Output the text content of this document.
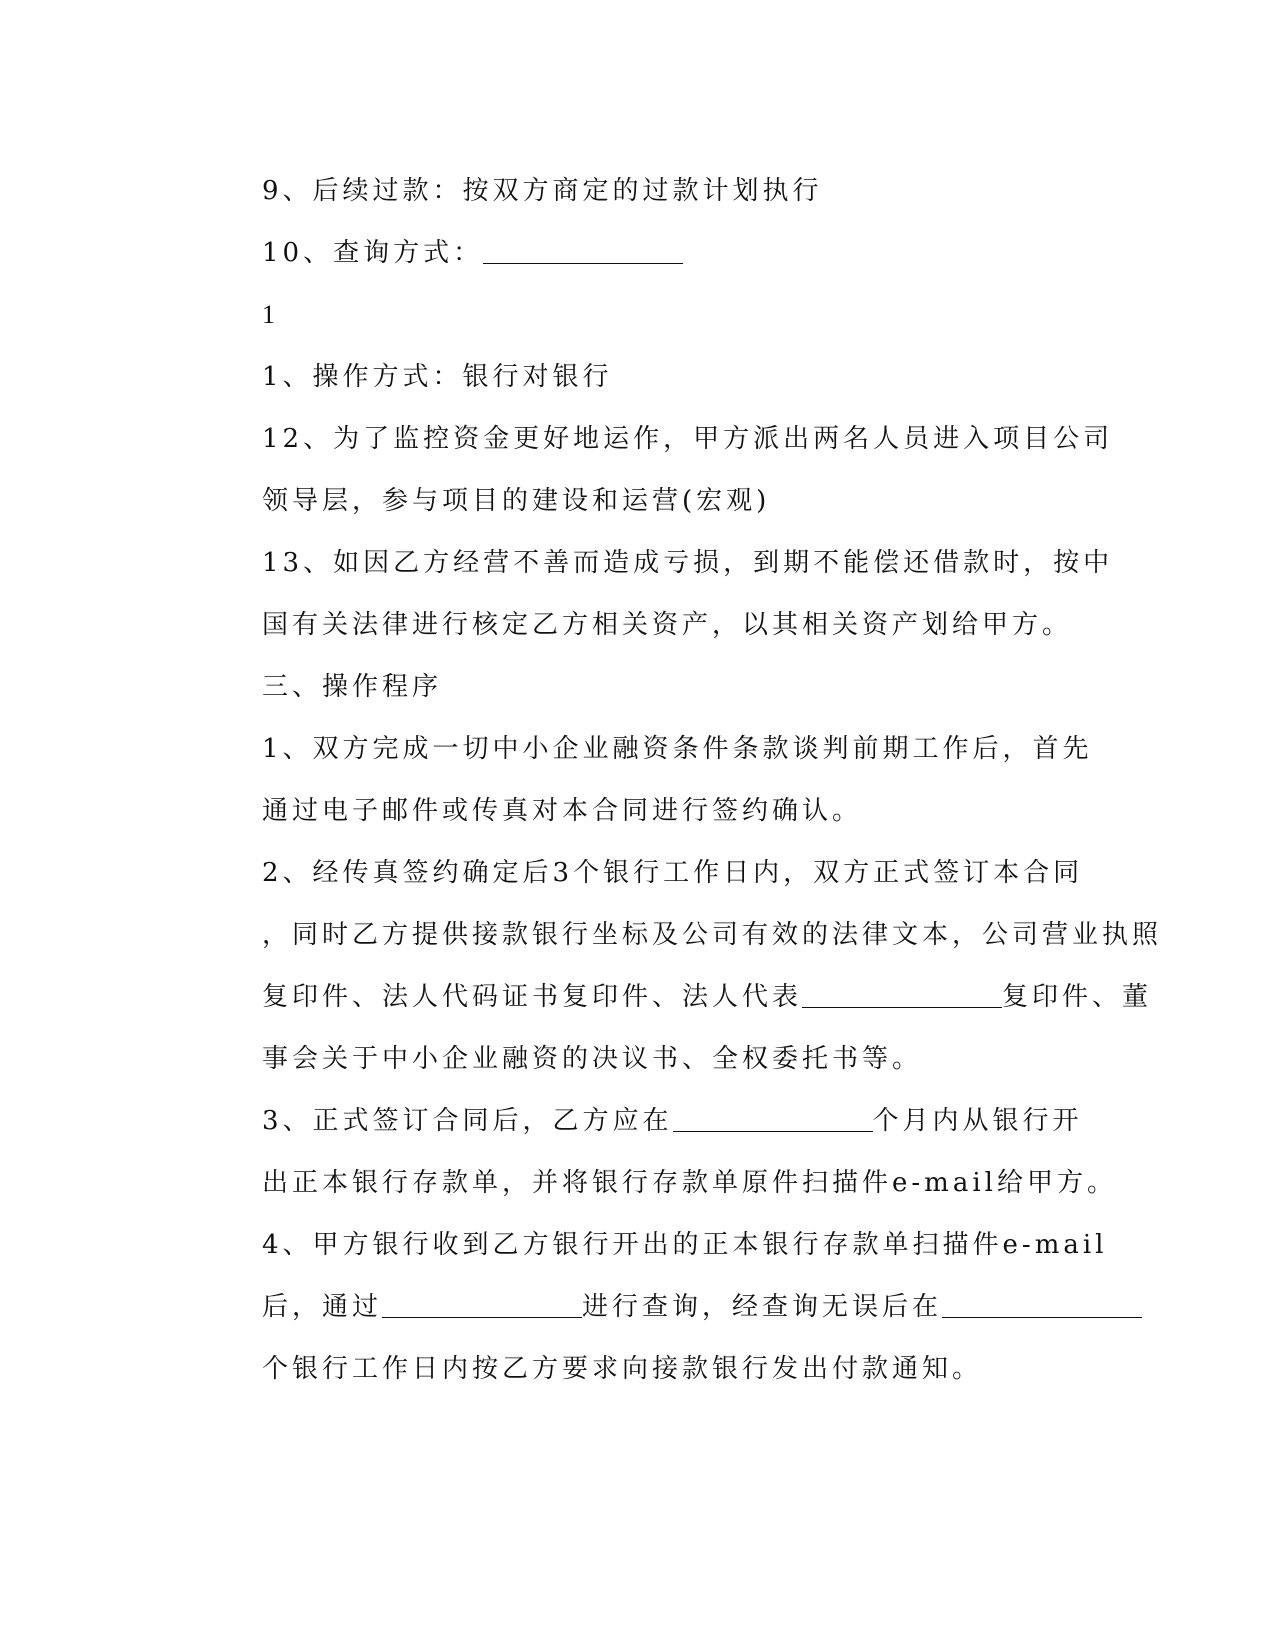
9、后续过款：按双方商定的过款计划执行
10、查询方式：
1
1、操作方式：银行对银行
12、为了监控资金更好地运作，甲方派出两名人员进入项目公司
领导层，参与项目的建设和运营(宏观)
13、如因乙方经营不善而造成亏损，到期不能偿还借款时，按中
国有关法律进行核定乙方相关资产，以其相关资产划给甲方。
三、操作程序
1、双方完成一切中小企业融资条件条款谈判前期工作后，首先
通过电子邮件或传真对本合同进行签约确认。
2、经传真签约确定后3个银行工作日内，双方正式签订本合同
，同时乙方提供接款银行坐标及公司有效的法律文本，公司营业执照
复印件、法人代码证书复印件、法人代表	复印件、董
事会关于中小企业融资的决议书、全权委托书等。
3、正式签订合同后，乙方应在	个月内从银行开
出正本银行存款单，并将银行存款单原件扫描件e-mail给甲方。
4、甲方银行收到乙方银行开出的正本银行存款单扫描件e-mail
后，通过	进行查询，经查询无误后在
个银行工作日内按乙方要求向接款银行发出付款通知。
